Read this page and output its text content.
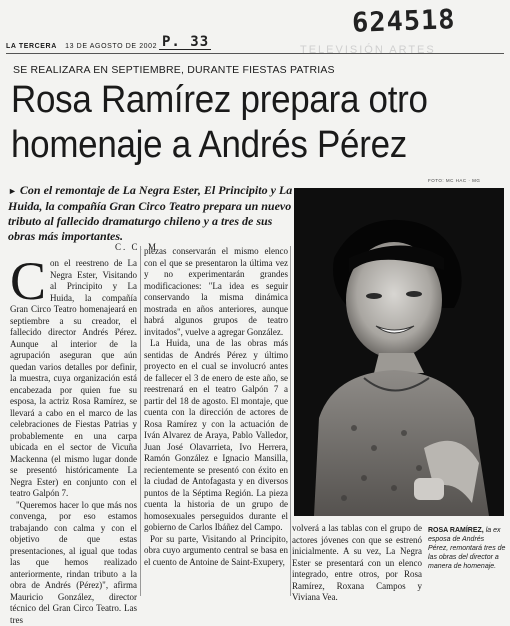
624518
P. 33
LA TERCERA 13 DE AGOSTO DE 2002	TELEVISIÓN ARTES
SE REALIZARA EN SEPTIEMBRE, DURANTE FIESTAS PATRIAS
Rosa Ramírez prepara otro
homenaje a Andrés Pérez

► Con el remontaje de La Negra Ester, El Principito y La Huida, la compañía Gran Circo Teatro prepara un nuevo tributo al fallecido dramaturgo chileno y a tres de sus obras más importantes.

C. C. M
C on el reestreno de La Negra Ester, Visitando al Principito y La Huida, la compañía Gran Circo Teatro homenajeará en septiembre a su creador, el fallecido director Andrés Pérez. Aunque al interior de la agrupación aseguran que aún quedan varios detalles por definir, la muestra, cuya organización está encabezada por quien fue su esposa, la actriz Rosa Ramírez, se llevará a cabo en el marco de las celebraciones de Fiestas Patrias y probablemente en una carpa ubicada en el sector de Vicuña Mackenna (el mismo lugar donde se presentó históricamente La Negra Ester) en conjunto con el teatro Galpón 7.

"Queremos hacer lo que más nos convenga, por eso estamos trabajando con calma y con el objetivo de que estas presentaciones, al igual que todas las que hemos realizado anteriormente, rindan tributo a la obra de Andrés (Pérez)", afirma Mauricio González, director técnico del Gran Circo Teatro. Las tres

piezas conservarán el mismo elenco con el que se presentaron la última vez y no experimentarán grandes modificaciones: "La idea es seguir conservando la misma dinámica mostrada en años anteriores, aunque habrá algunos grupos de teatro invitados", vuelve a agregar González.

La Huida, una de las obras más sentidas de Andrés Pérez y último proyecto en el cual se involucró antes de fallecer el 3 de enero de este año, se reestrenará en el teatro Galpón 7 a partir del 18 de agosto. El montaje, que cuenta con la dirección de actores de Rosa Ramírez y con la actuación de Iván Alvarez de Araya, Pablo Valledor, Juan José Olavarrieta, Ivo Herrera, Ramón González e Ignacio Mansilla, recientemente se presentó con éxito en la ciudad de Antofagasta y en diversos puntos de la Séptima Región. La pieza cuenta la historia de un grupo de homosexuales perseguidos durante el gobierno de Carlos Ibáñez del Campo.

Por su parte, Visitando al Principito, obra cuyo argumento central se basa en el cuento de Antoine de Saint-Exupery,

volverá a las tablas con el grupo de actores jóvenes con que se estrenó inicialmente. A su vez, La Negra Ester se presentará con un elenco integrado, entre otros, por Rosa Ramírez, Roxana Campos y Viviana Vea.

FOTO: MC HAC · MG
ROSA RAMÍREZ, la ex esposa de Andrés Pérez, remontará tres de las obras del director a manera de homenaje.
